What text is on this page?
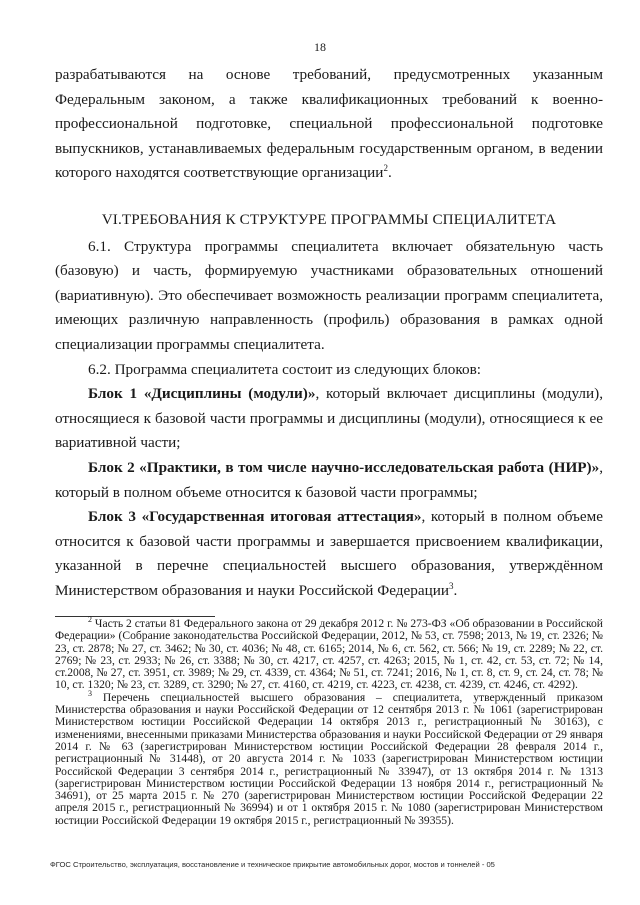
18

разрабатываются на основе требований, предусмотренных указанным Федеральным законом, а также квалификационных требований к военно-профессиональной подготовке, специальной профессиональной подготовке выпускников, устанавливаемых федеральным государственным органом, в ведении которого находятся соответствующие организации$^2$.

VI.ТРЕБОВАНИЯ К СТРУКТУРЕ ПРОГРАММЫ СПЕЦИАЛИТЕТА

6.1. Структура программы специалитета включает обязательную часть (базовую) и часть, формируемую участниками образовательных отношений (вариативную). Это обеспечивает возможность реализации программ специалитета, имеющих различную направленность (профиль) образования в рамках одной специализации программы специалитета.

6.2. Программа специалитета состоит из следующих блоков:

Блок 1 «Дисциплины (модули)», который включает дисциплины (модули), относящиеся к базовой части программы и дисциплины (модули), относящиеся к ее вариативной части;

Блок 2 «Практики, в том числе научно-исследовательская работа (НИР)», который в полном объеме относится к базовой части программы;

Блок 3 «Государственная итоговая аттестация», который в полном объеме относится к базовой части программы и завершается присвоением квалификации, указанной в перечне специальностей высшего образования, утверждённом Министерством образования и науки Российской Федерации$^3$.

$^2$ Часть 2 статьи 81 Федерального закона от 29 декабря 2012 г. № 273-ФЗ «Об образовании в Российской Федерации» (Собрание законодательства Российской Федерации, 2012, № 53, ст. 7598; 2013, № 19, ст. 2326; № 23, ст. 2878; № 27, ст. 3462; № 30, ст. 4036; № 48, ст. 6165; 2014, № 6, ст. 562, ст. 566; № 19, ст. 2289; № 22, ст. 2769; № 23, ст. 2933; № 26, ст. 3388; № 30, ст. 4217, ст. 4257, ст. 4263; 2015, № 1, ст. 42, ст. 53, ст. 72; № 14, ст.2008, № 27, ст. 3951, ст. 3989; № 29, ст. 4339, ст. 4364; № 51, ст. 7241; 2016, № 1, ст. 8, ст. 9, ст. 24, ст. 78; № 10, ст. 1320; № 23, ст. 3289, ст. 3290; № 27, ст. 4160, ст. 4219, ст. 4223, ст. 4238, ст. 4239, ст. 4246, ст. 4292).

$^3$ Перечень специальностей высшего образования – специалитета, утвержденный приказом Министерства образования и науки Российской Федерации от 12 сентября 2013 г. № 1061 (зарегистрирован Министерством юстиции Российской Федерации 14 октября 2013 г., регистрационный № 30163), с изменениями, внесенными приказами Министерства образования и науки Российской Федерации от 29 января 2014 г. № 63 (зарегистрирован Министерством юстиции Российской Федерации 28 февраля 2014 г., регистрационный № 31448), от 20 августа 2014 г. № 1033 (зарегистрирован Министерством юстиции Российской Федерации 3 сентября 2014 г., регистрационный № 33947), от 13 октября 2014 г. № 1313 (зарегистрирован Министерством юстиции Российской Федерации 13 ноября 2014 г., регистрационный № 34691), от 25 марта 2015 г. № 270 (зарегистрирован Министерством юстиции Российской Федерации 22 апреля 2015 г., регистрационный № 36994) и от 1 октября 2015 г. № 1080 (зарегистрирован Министерством юстиции Российской Федерации 19 октября 2015 г., регистрационный № 39355).

ФГОС Строительство, эксплуатация, восстановление и техническое прикрытие автомобильных дорог, мостов и тоннелей - 05
